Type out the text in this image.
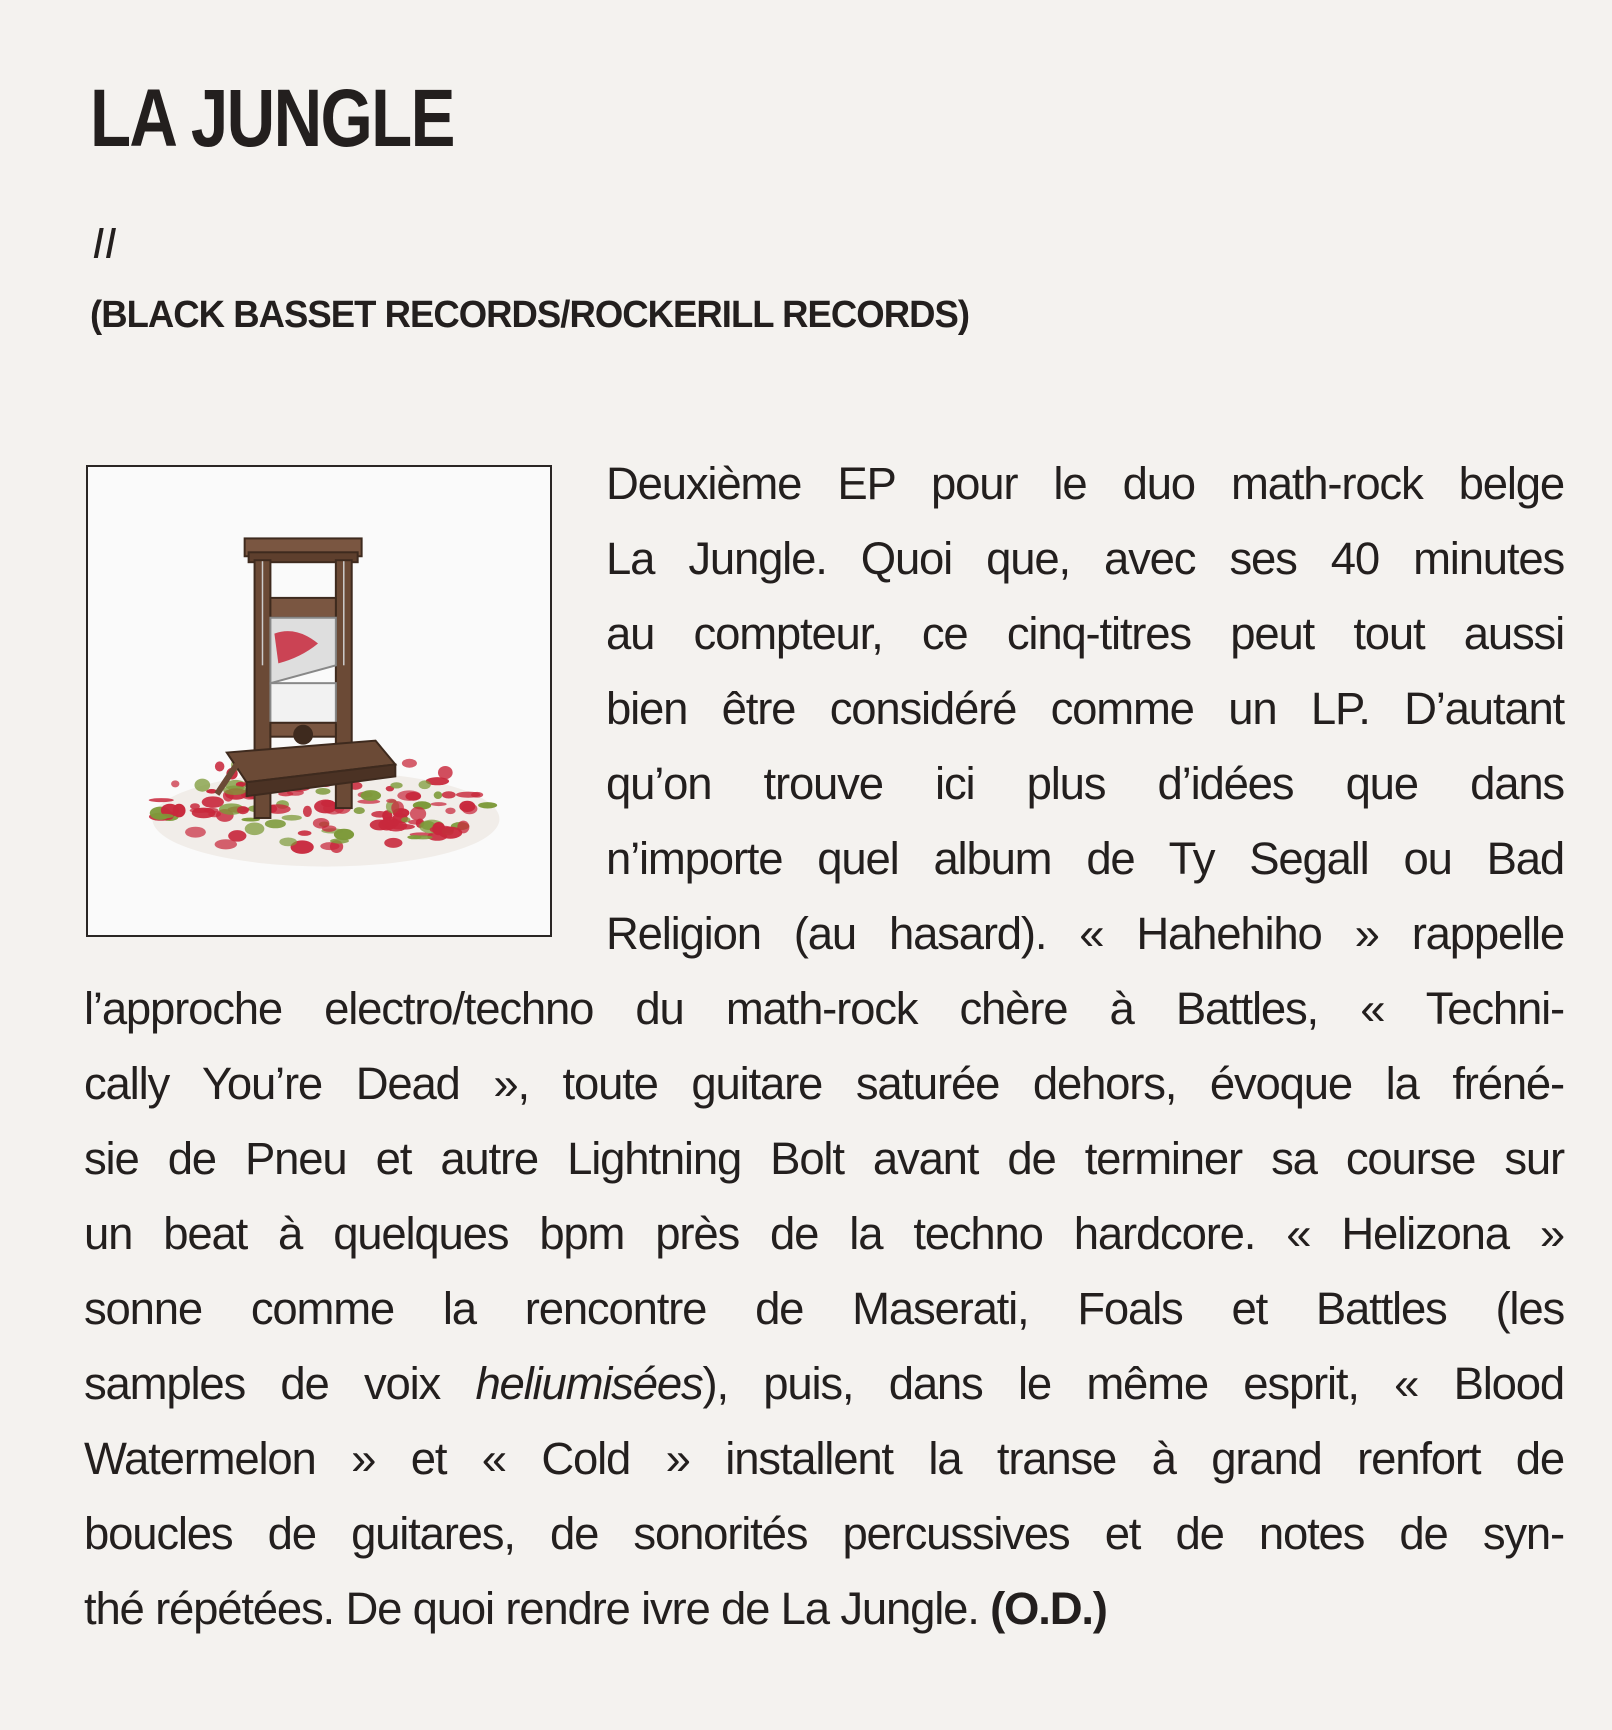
LA JUNGLE
II
(BLACK BASSET RECORDS/ROCKERILL RECORDS)
Deuxième EP pour le duo math-rock belge
La Jungle. Quoi que, avec ses 40 minutes
au compteur, ce cinq-titres peut tout aussi
bien être considéré comme un LP. D’autant
qu’on trouve ici plus d’idées que dans
n’importe quel album de Ty Segall ou Bad
Religion (au hasard). « Hahehiho » rappelle
l’approche electro/techno du math-rock chère à Battles, « Techni-
cally You’re Dead », toute guitare saturée dehors, évoque la fréné-
sie de Pneu et autre Lightning Bolt avant de terminer sa course sur
un beat à quelques bpm près de la techno hardcore. « Helizona »
sonne comme la rencontre de Maserati, Foals et Battles (les
samples de voix heliumisées), puis, dans le même esprit, « Blood
Watermelon » et « Cold » installent la transe à grand renfort de
boucles de guitares, de sonorités percussives et de notes de syn-
thé répétées. De quoi rendre ivre de La Jungle. (O.D.)
